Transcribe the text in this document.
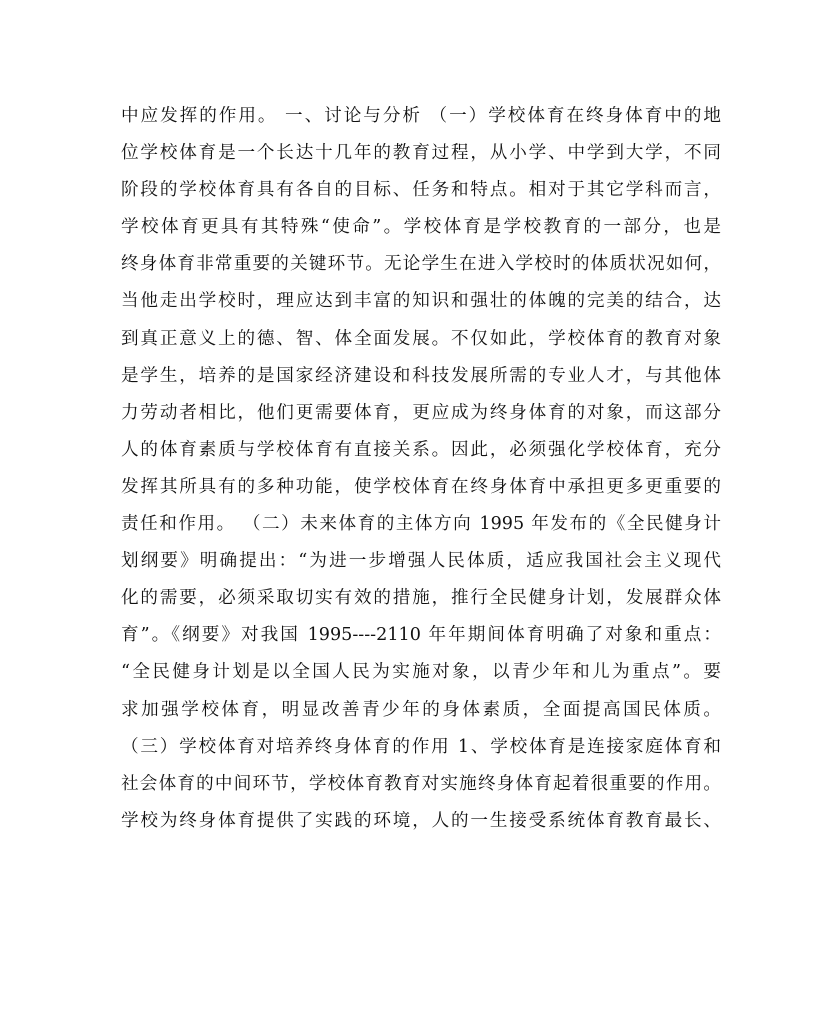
中应发挥的作用。 一、讨论与分析 （一）学校体育在终身体育中的地
位学校体育是一个长达十几年的教育过程，从小学、中学到大学，不同
阶段的学校体育具有各自的目标、任务和特点。相对于其它学科而言，
学校体育更具有其特殊“使命”。学校体育是学校教育的一部分，也是
终身体育非常重要的关键环节。无论学生在进入学校时的体质状况如何，
当他走出学校时，理应达到丰富的知识和强壮的体魄的完美的结合，达
到真正意义上的德、智、体全面发展。不仅如此，学校体育的教育对象
是学生，培养的是国家经济建设和科技发展所需的专业人才，与其他体
力劳动者相比，他们更需要体育，更应成为终身体育的对象，而这部分
人的体育素质与学校体育有直接关系。因此，必须强化学校体育，充分
发挥其所具有的多种功能，使学校体育在终身体育中承担更多更重要的
责任和作用。 （二）未来体育的主体方向 1995 年发布的《全民健身计
划纲要》明确提出：“为进一步增强人民体质，适应我国社会主义现代
化的需要，必须采取切实有效的措施，推行全民健身计划，发展群众体
育”。《纲要》对我国 1995----2110 年年期间体育明确了对象和重点：
“全民健身计划是以全国人民为实施对象，以青少年和儿为重点”。要
求加强学校体育，明显改善青少年的身体素质，全面提高国民体质。
（三）学校体育对培养终身体育的作用 1、学校体育是连接家庭体育和
社会体育的中间环节，学校体育教育对实施终身体育起着很重要的作用。
学校为终身体育提供了实践的环境，人的一生接受系统体育教育最长、
